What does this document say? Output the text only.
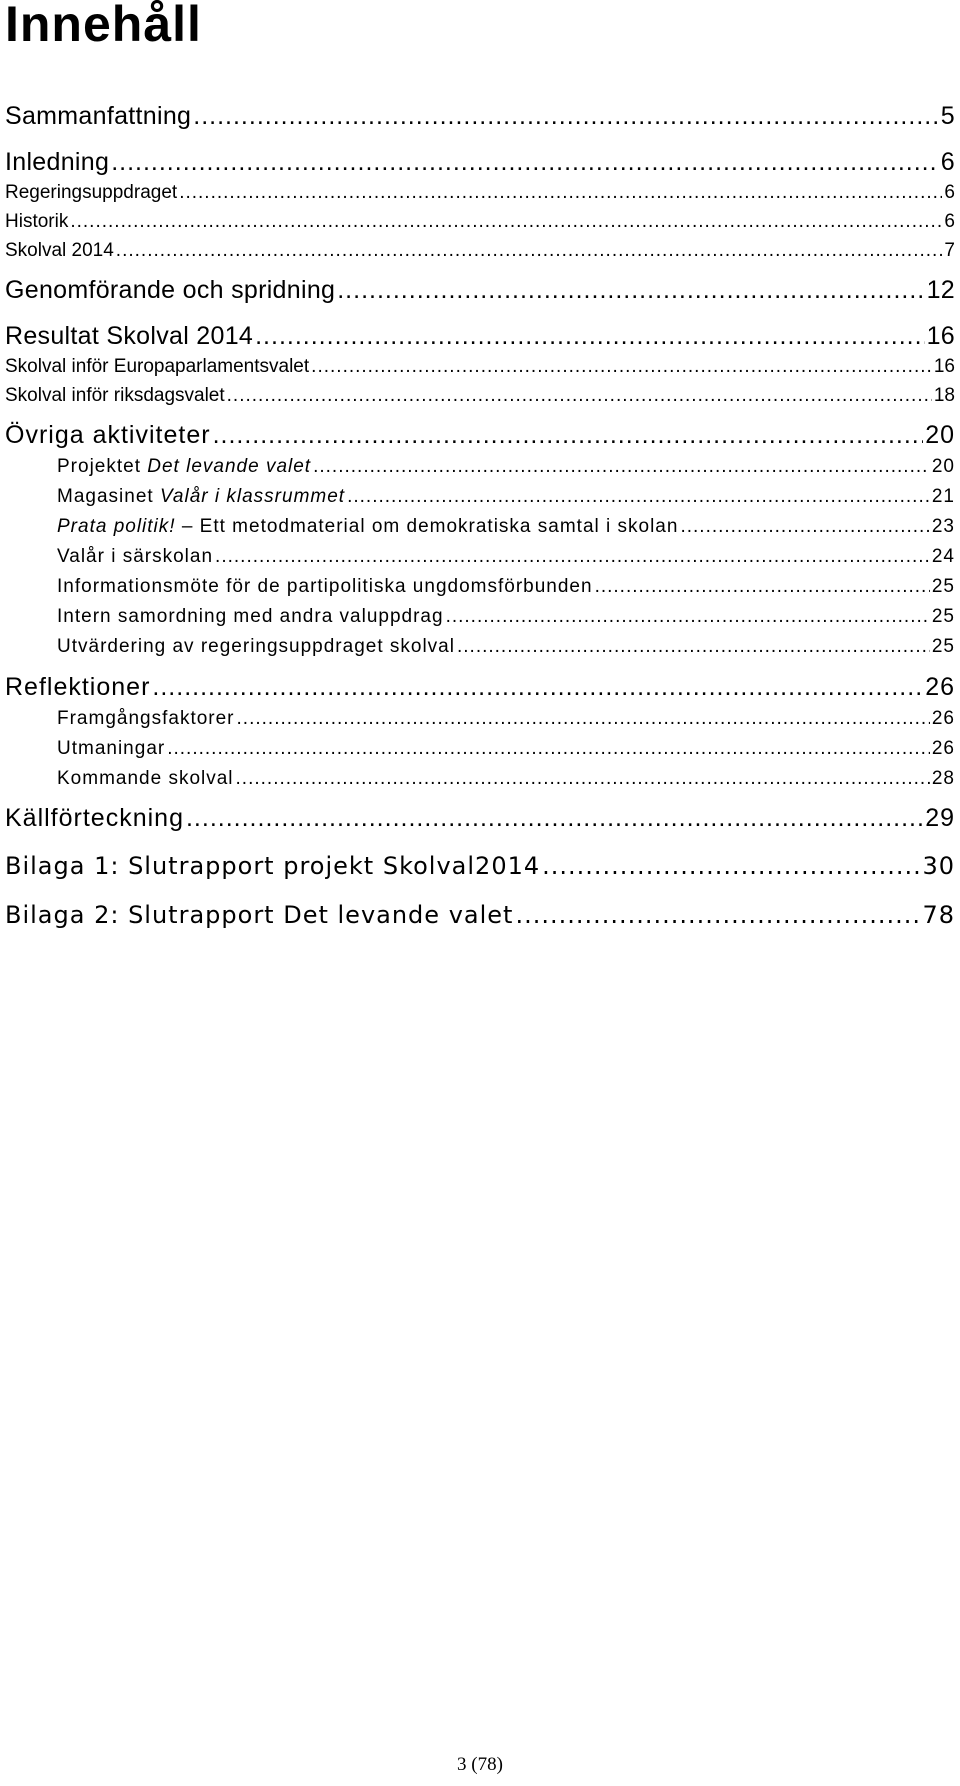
Innehåll
Sammanfattning .....	5
Inledning .....	6
Regeringsuppdraget .....	6
Historik .....	6
Skolval 2014 .....	7
Genomförande och spridning .....	12
Resultat Skolval 2014 .....	16
Skolval inför Europaparlamentsvalet .....	16
Skolval inför riksdagsvalet .....	18
Övriga aktiviteter .....	20
Projektet Det levande valet .....	20
Magasinet Valår i klassrummet .....	21
Prata politik! – Ett metodmaterial om demokratiska samtal i skolan .....	23
Valår i särskolan .....	24
Informationsmöte för de partipolitiska ungdomsförbunden .....	25
Intern samordning med andra valuppdrag .....	25
Utvärdering av regeringsuppdraget skolval .....	25
Reflektioner .....	26
Framgångsfaktorer .....	26
Utmaningar .....	26
Kommande skolval .....	28
Källförteckning .....	29
Bilaga 1: Slutrapport projekt Skolval2014 .....	30
Bilaga 2: Slutrapport Det levande valet .....	78
3 (78)
